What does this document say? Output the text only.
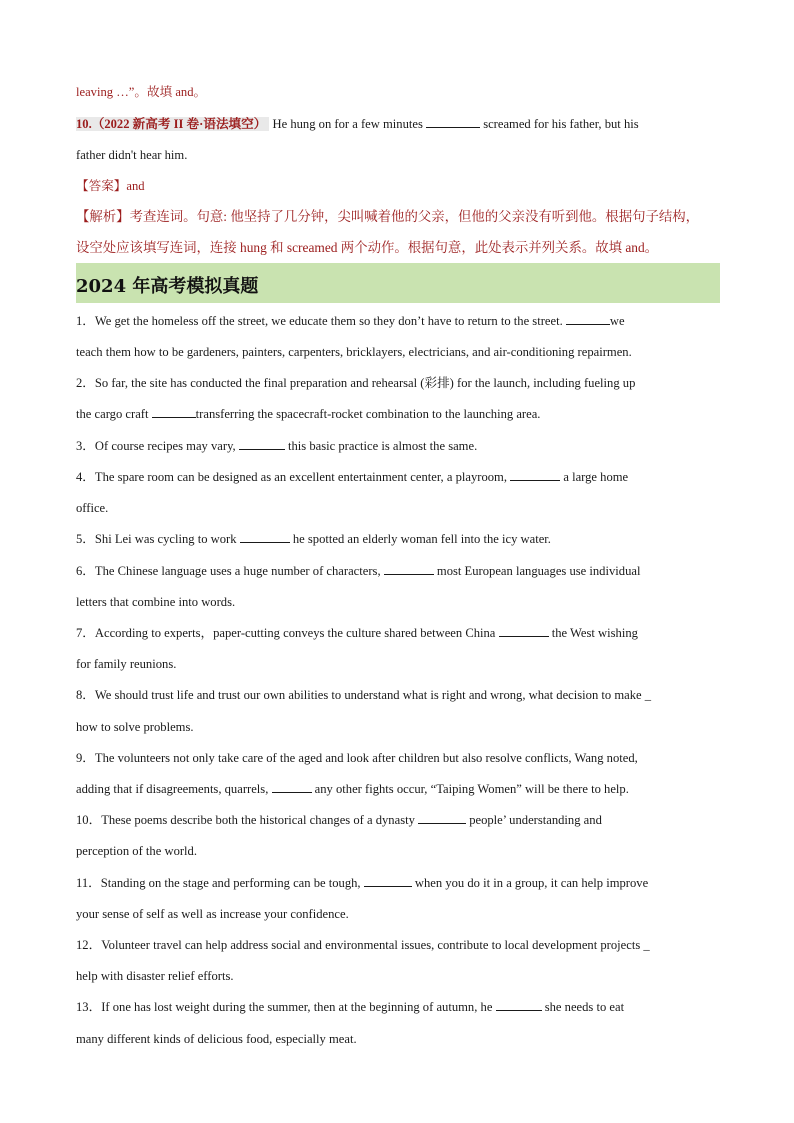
leaving …”。故填 and。
10.（2022 新高考 II 卷·语法填空） He hung on for a few minutes	screamed for his father, but his
father didn't hear him.
【答案】and
【解析】考查连词。句意: 他坚持了几分钟，尖叫喊着他的父亲，但他的父亲没有听到他。根据句子结构，
设空处应该填写连词，连接 hung 和 screamed 两个动作。根据句意，此处表示并列关系。故填 and。
2024 年高考模拟真题
1．We get the homeless off the street, we educate them so they don’t have to return to the street.	we
teach them how to be gardeners, painters, carpenters, bricklayers, electricians, and air-conditioning repairmen.
2．So far, the site has conducted the final preparation and rehearsal (彩排) for the launch, including fueling up
the cargo craft	transferring the spacecraft-rocket combination to the launching area.
3．Of course recipes may vary,	this basic practice is almost the same.
4．The spare room can be designed as an excellent entertainment center, a playroom,	a large home
office.
5．Shi Lei was cycling to work	he spotted an elderly woman fell into the icy water.
6．The Chinese language uses a huge number of characters,	most European languages use individual
letters that combine into words.
7．According to experts，paper-cutting conveys the culture shared between China	the West wishing
for family reunions.
8．We should trust life and trust our own abilities to understand what is right and wrong, what decision to make _
how to solve problems.
9．The volunteers not only take care of the aged and look after children but also resolve conflicts, Wang noted,
adding that if disagreements, quarrels,	any other fights occur, “Taiping Women” will be there to help.
10．These poems describe both the historical changes of a dynasty	people’ understanding and
perception of the world.
11．Standing on the stage and performing can be tough,	when you do it in a group, it can help improve
your sense of self as well as increase your confidence.
12．Volunteer travel can help address social and environmental issues, contribute to local development projects _
help with disaster relief efforts.
13．If one has lost weight during the summer, then at the beginning of autumn, he	she needs to eat
many different kinds of delicious food, especially meat.
